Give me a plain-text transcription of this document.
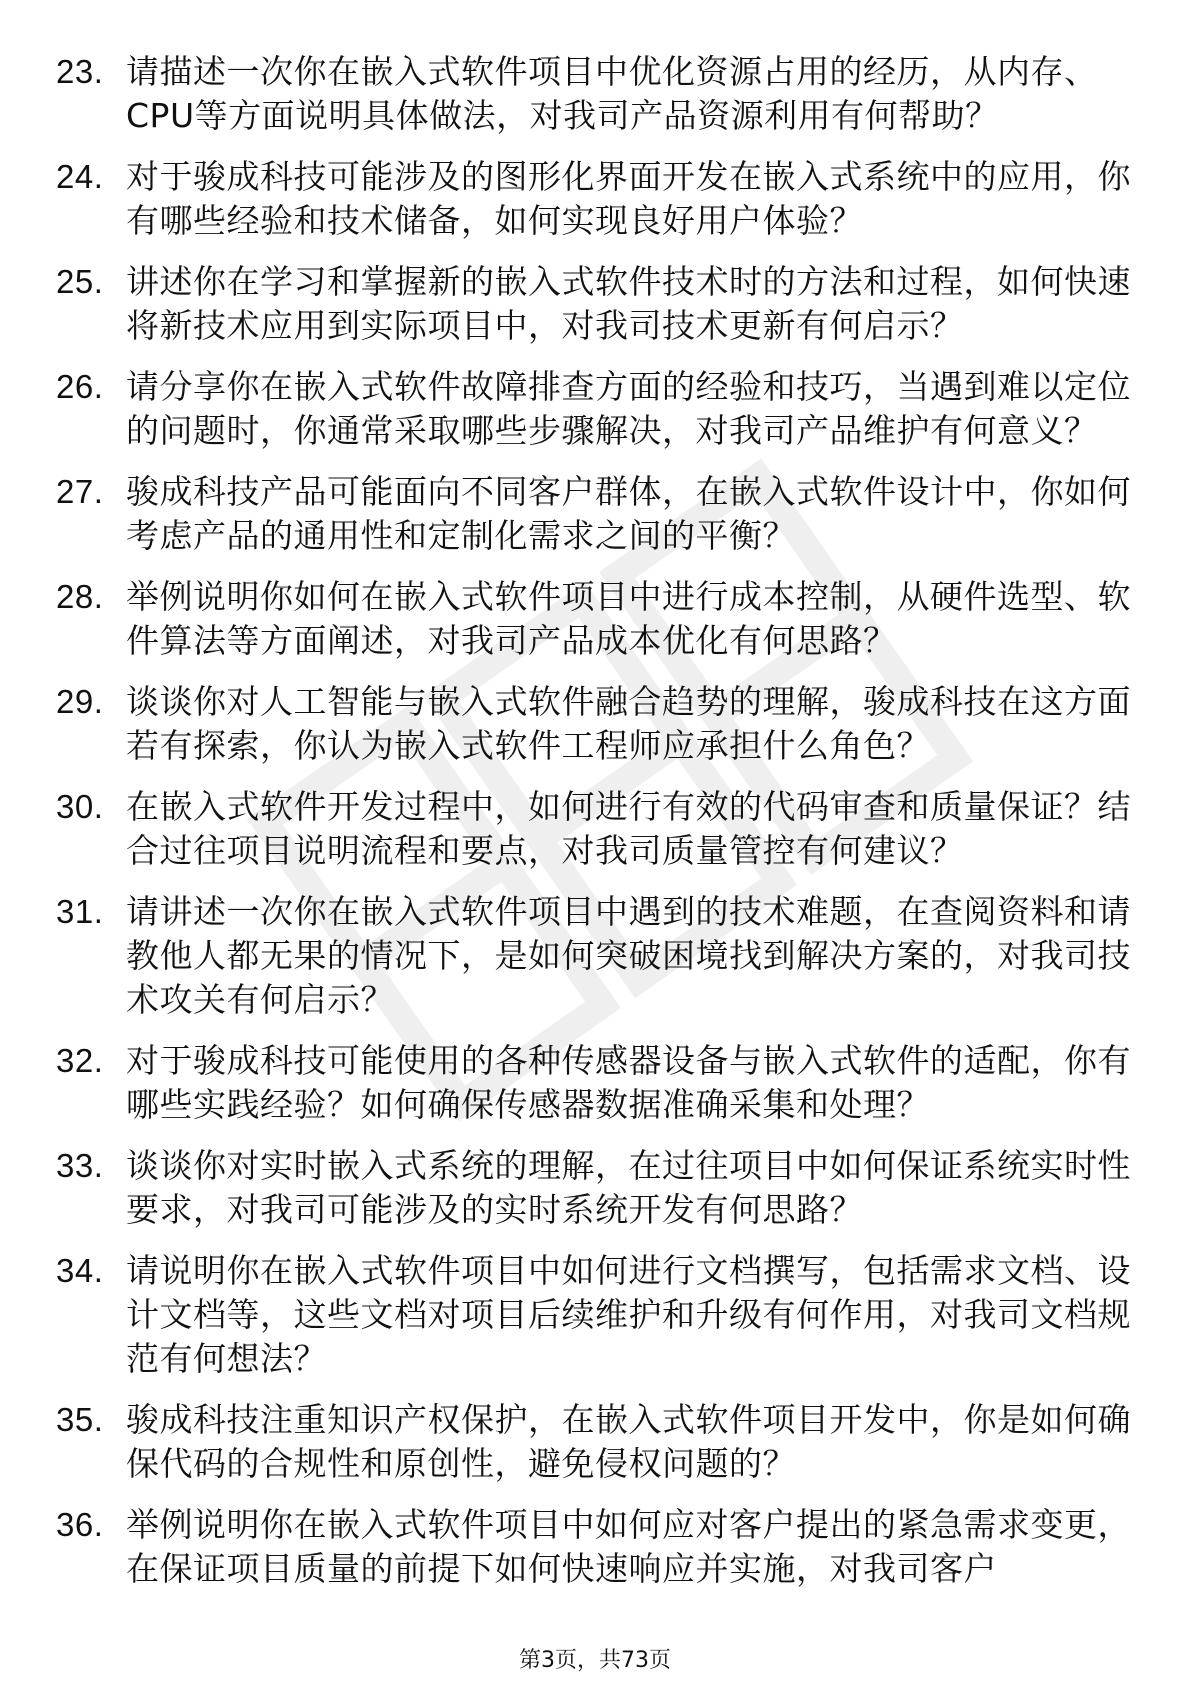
23. 请描述一次你在嵌入式软件项目中优化资源占用的经历，从内存、CPU等方面说明具体做法，对我司产品资源利用有何帮助？
24. 对于骏成科技可能涉及的图形化界面开发在嵌入式系统中的应用，你有哪些经验和技术储备，如何实现良好用户体验？
25. 讲述你在学习和掌握新的嵌入式软件技术时的方法和过程，如何快速将新技术应用到实际项目中，对我司技术更新有何启示？
26. 请分享你在嵌入式软件故障排查方面的经验和技巧，当遇到难以定位的问题时，你通常采取哪些步骤解决，对我司产品维护有何意义？
27. 骏成科技产品可能面向不同客户群体，在嵌入式软件设计中，你如何考虑产品的通用性和定制化需求之间的平衡？
28. 举例说明你如何在嵌入式软件项目中进行成本控制，从硬件选型、软件算法等方面阐述，对我司产品成本优化有何思路？
29. 谈谈你对人工智能与嵌入式软件融合趋势的理解，骏成科技在这方面若有探索，你认为嵌入式软件工程师应承担什么角色？
30. 在嵌入式软件开发过程中，如何进行有效的代码审查和质量保证？结合过往项目说明流程和要点，对我司质量管控有何建议？
31. 请讲述一次你在嵌入式软件项目中遇到的技术难题，在查阅资料和请教他人都无果的情况下，是如何突破困境找到解决方案的，对我司技术攻关有何启示？
32. 对于骏成科技可能使用的各种传感器设备与嵌入式软件的适配，你有哪些实践经验？如何确保传感器数据准确采集和处理？
33. 谈谈你对实时嵌入式系统的理解，在过往项目中如何保证系统实时性要求，对我司可能涉及的实时系统开发有何思路？
34. 请说明你在嵌入式软件项目中如何进行文档撰写，包括需求文档、设计文档等，这些文档对项目后续维护和升级有何作用，对我司文档规范有何想法？
35. 骏成科技注重知识产权保护，在嵌入式软件项目开发中，你是如何确保代码的合规性和原创性，避免侵权问题的？
36. 举例说明你在嵌入式软件项目中如何应对客户提出的紧急需求变更，在保证项目质量的前提下如何快速响应并实施，对我司客户
第3页，共73页
